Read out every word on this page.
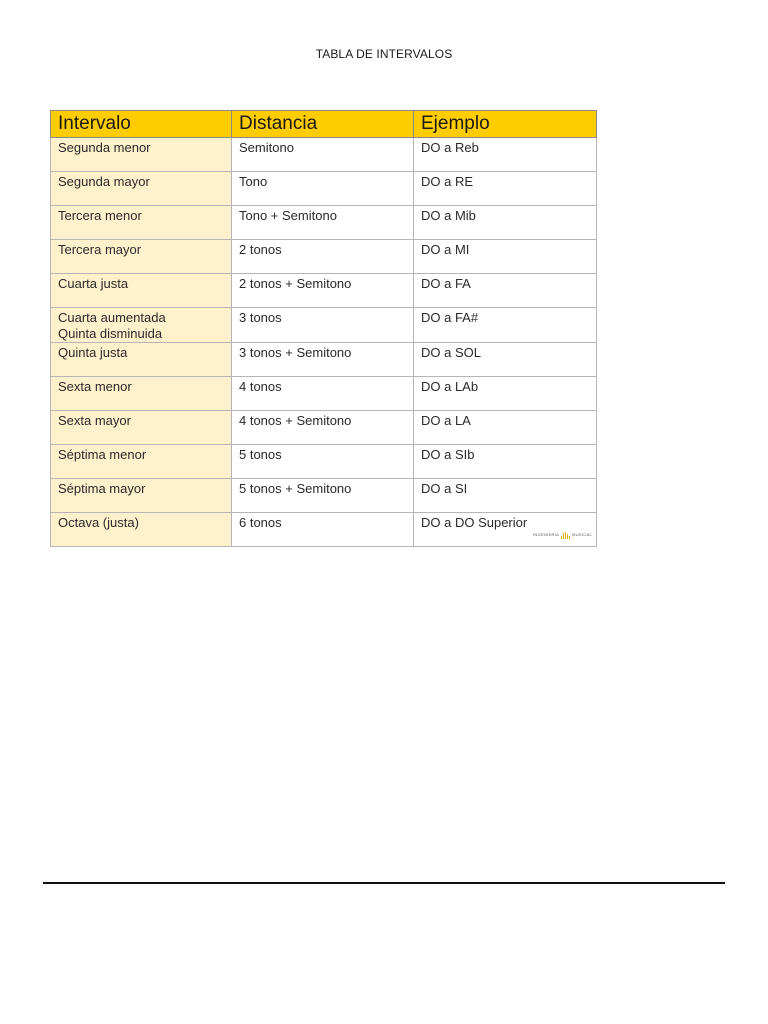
TABLA DE INTERVALOS
Intervalo	Distancia	Ejemplo

Segunda menor	Semitono	DO a Reb

Segunda mayor	Tono	DO a RE

Tercera menor	Tono + Semitono	DO a Mib

Tercera mayor	2 tonos	DO a MI

Cuarta justa	2 tonos + Semitono	DO a FA

Cuarta aumentada
Quinta disminuida	3 tonos	DO a FA#

Quinta justa	3 tonos + Semitono	DO a SOL

Sexta menor	4 tonos	DO a LAb

Sexta mayor	4 tonos + Semitono	DO a LA

Séptima menor	5 tonos	DO a SIb

Séptima mayor	5 tonos + Semitono	DO a SI

Octava (justa)	6 tonos	DO a DO Superior
INGENIERIA MUSICAL
